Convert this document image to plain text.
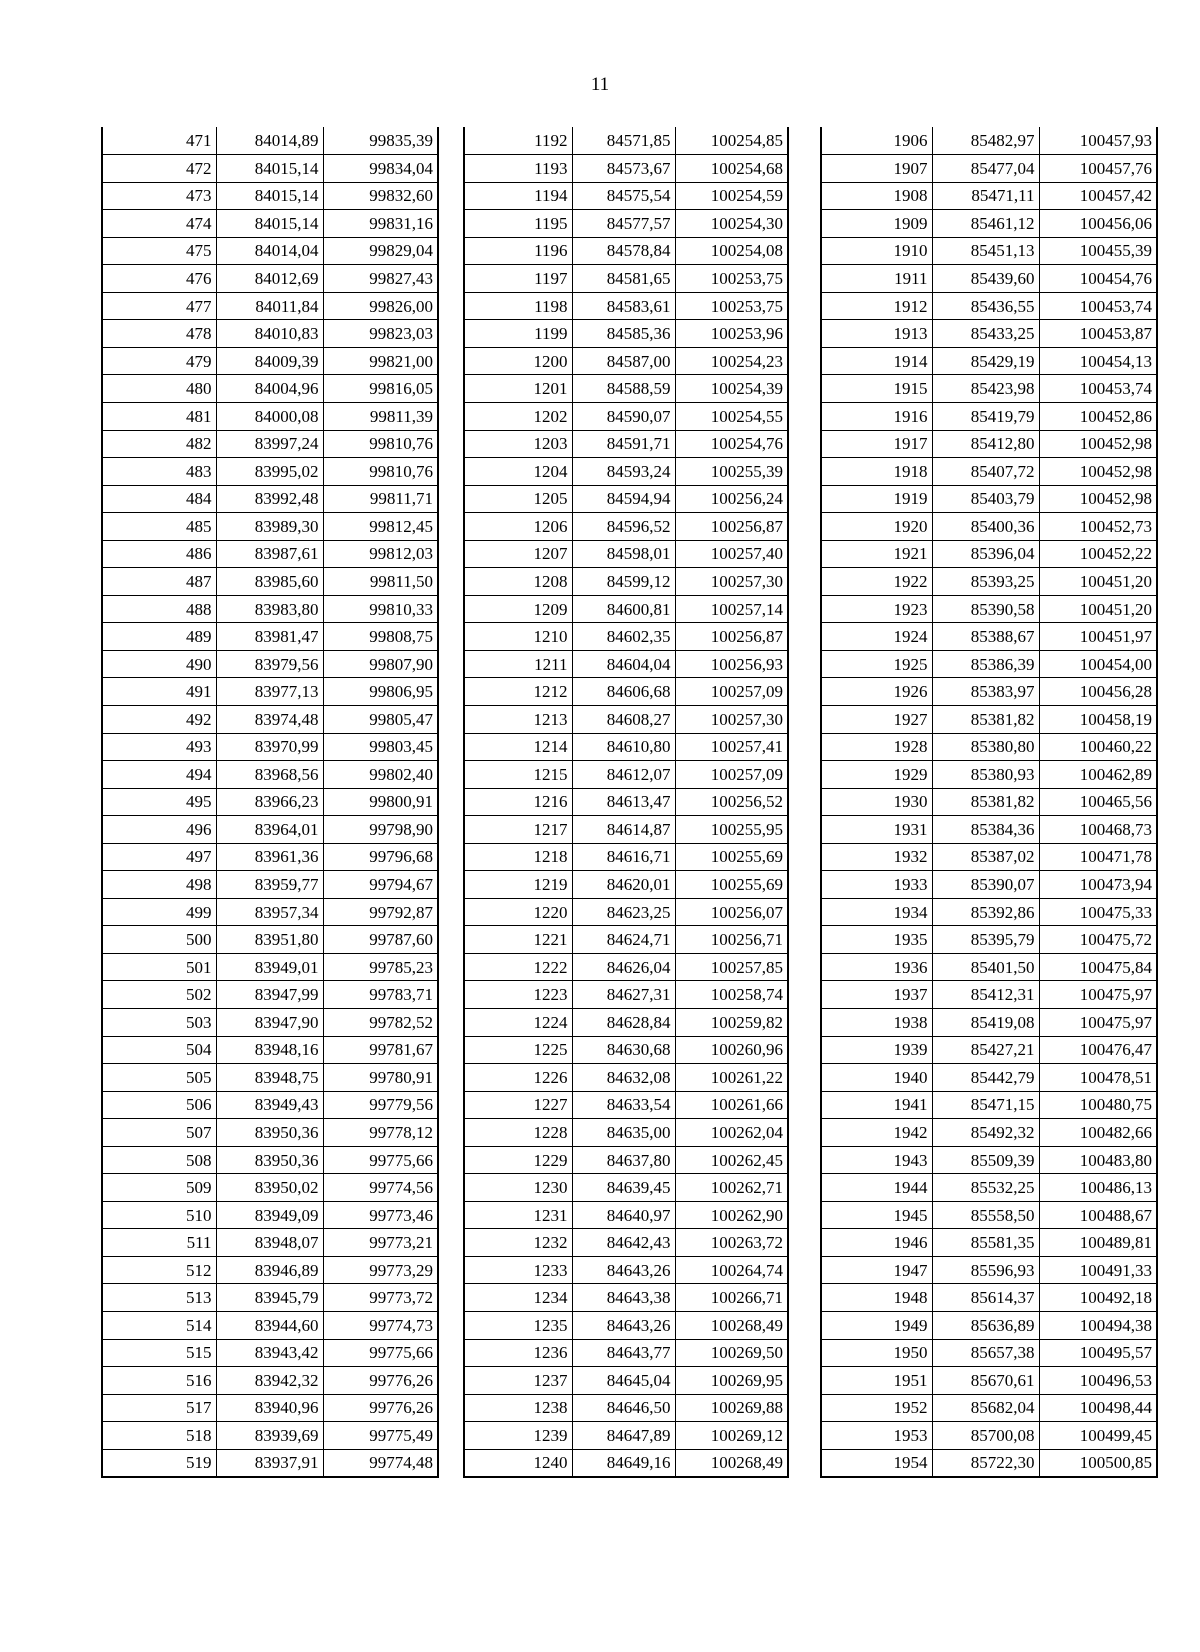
11
471	84014,89	99835,39
472	84015,14	99834,04
473	84015,14	99832,60
474	84015,14	99831,16
475	84014,04	99829,04
476	84012,69	99827,43
477	84011,84	99826,00
478	84010,83	99823,03
479	84009,39	99821,00
480	84004,96	99816,05
481	84000,08	99811,39
482	83997,24	99810,76
483	83995,02	99810,76
484	83992,48	99811,71
485	83989,30	99812,45
486	83987,61	99812,03
487	83985,60	99811,50
488	83983,80	99810,33
489	83981,47	99808,75
490	83979,56	99807,90
491	83977,13	99806,95
492	83974,48	99805,47
493	83970,99	99803,45
494	83968,56	99802,40
495	83966,23	99800,91
496	83964,01	99798,90
497	83961,36	99796,68
498	83959,77	99794,67
499	83957,34	99792,87
500	83951,80	99787,60
501	83949,01	99785,23
502	83947,99	99783,71
503	83947,90	99782,52
504	83948,16	99781,67
505	83948,75	99780,91
506	83949,43	99779,56
507	83950,36	99778,12
508	83950,36	99775,66
509	83950,02	99774,56
510	83949,09	99773,46
511	83948,07	99773,21
512	83946,89	99773,29
513	83945,79	99773,72
514	83944,60	99774,73
515	83943,42	99775,66
516	83942,32	99776,26
517	83940,96	99776,26
518	83939,69	99775,49
519	83937,91	99774,48
1192	84571,85	100254,85
1193	84573,67	100254,68
1194	84575,54	100254,59
1195	84577,57	100254,30
1196	84578,84	100254,08
1197	84581,65	100253,75
1198	84583,61	100253,75
1199	84585,36	100253,96
1200	84587,00	100254,23
1201	84588,59	100254,39
1202	84590,07	100254,55
1203	84591,71	100254,76
1204	84593,24	100255,39
1205	84594,94	100256,24
1206	84596,52	100256,87
1207	84598,01	100257,40
1208	84599,12	100257,30
1209	84600,81	100257,14
1210	84602,35	100256,87
1211	84604,04	100256,93
1212	84606,68	100257,09
1213	84608,27	100257,30
1214	84610,80	100257,41
1215	84612,07	100257,09
1216	84613,47	100256,52
1217	84614,87	100255,95
1218	84616,71	100255,69
1219	84620,01	100255,69
1220	84623,25	100256,07
1221	84624,71	100256,71
1222	84626,04	100257,85
1223	84627,31	100258,74
1224	84628,84	100259,82
1225	84630,68	100260,96
1226	84632,08	100261,22
1227	84633,54	100261,66
1228	84635,00	100262,04
1229	84637,80	100262,45
1230	84639,45	100262,71
1231	84640,97	100262,90
1232	84642,43	100263,72
1233	84643,26	100264,74
1234	84643,38	100266,71
1235	84643,26	100268,49
1236	84643,77	100269,50
1237	84645,04	100269,95
1238	84646,50	100269,88
1239	84647,89	100269,12
1240	84649,16	100268,49
1906	85482,97	100457,93
1907	85477,04	100457,76
1908	85471,11	100457,42
1909	85461,12	100456,06
1910	85451,13	100455,39
1911	85439,60	100454,76
1912	85436,55	100453,74
1913	85433,25	100453,87
1914	85429,19	100454,13
1915	85423,98	100453,74
1916	85419,79	100452,86
1917	85412,80	100452,98
1918	85407,72	100452,98
1919	85403,79	100452,98
1920	85400,36	100452,73
1921	85396,04	100452,22
1922	85393,25	100451,20
1923	85390,58	100451,20
1924	85388,67	100451,97
1925	85386,39	100454,00
1926	85383,97	100456,28
1927	85381,82	100458,19
1928	85380,80	100460,22
1929	85380,93	100462,89
1930	85381,82	100465,56
1931	85384,36	100468,73
1932	85387,02	100471,78
1933	85390,07	100473,94
1934	85392,86	100475,33
1935	85395,79	100475,72
1936	85401,50	100475,84
1937	85412,31	100475,97
1938	85419,08	100475,97
1939	85427,21	100476,47
1940	85442,79	100478,51
1941	85471,15	100480,75
1942	85492,32	100482,66
1943	85509,39	100483,80
1944	85532,25	100486,13
1945	85558,50	100488,67
1946	85581,35	100489,81
1947	85596,93	100491,33
1948	85614,37	100492,18
1949	85636,89	100494,38
1950	85657,38	100495,57
1951	85670,61	100496,53
1952	85682,04	100498,44
1953	85700,08	100499,45
1954	85722,30	100500,85
